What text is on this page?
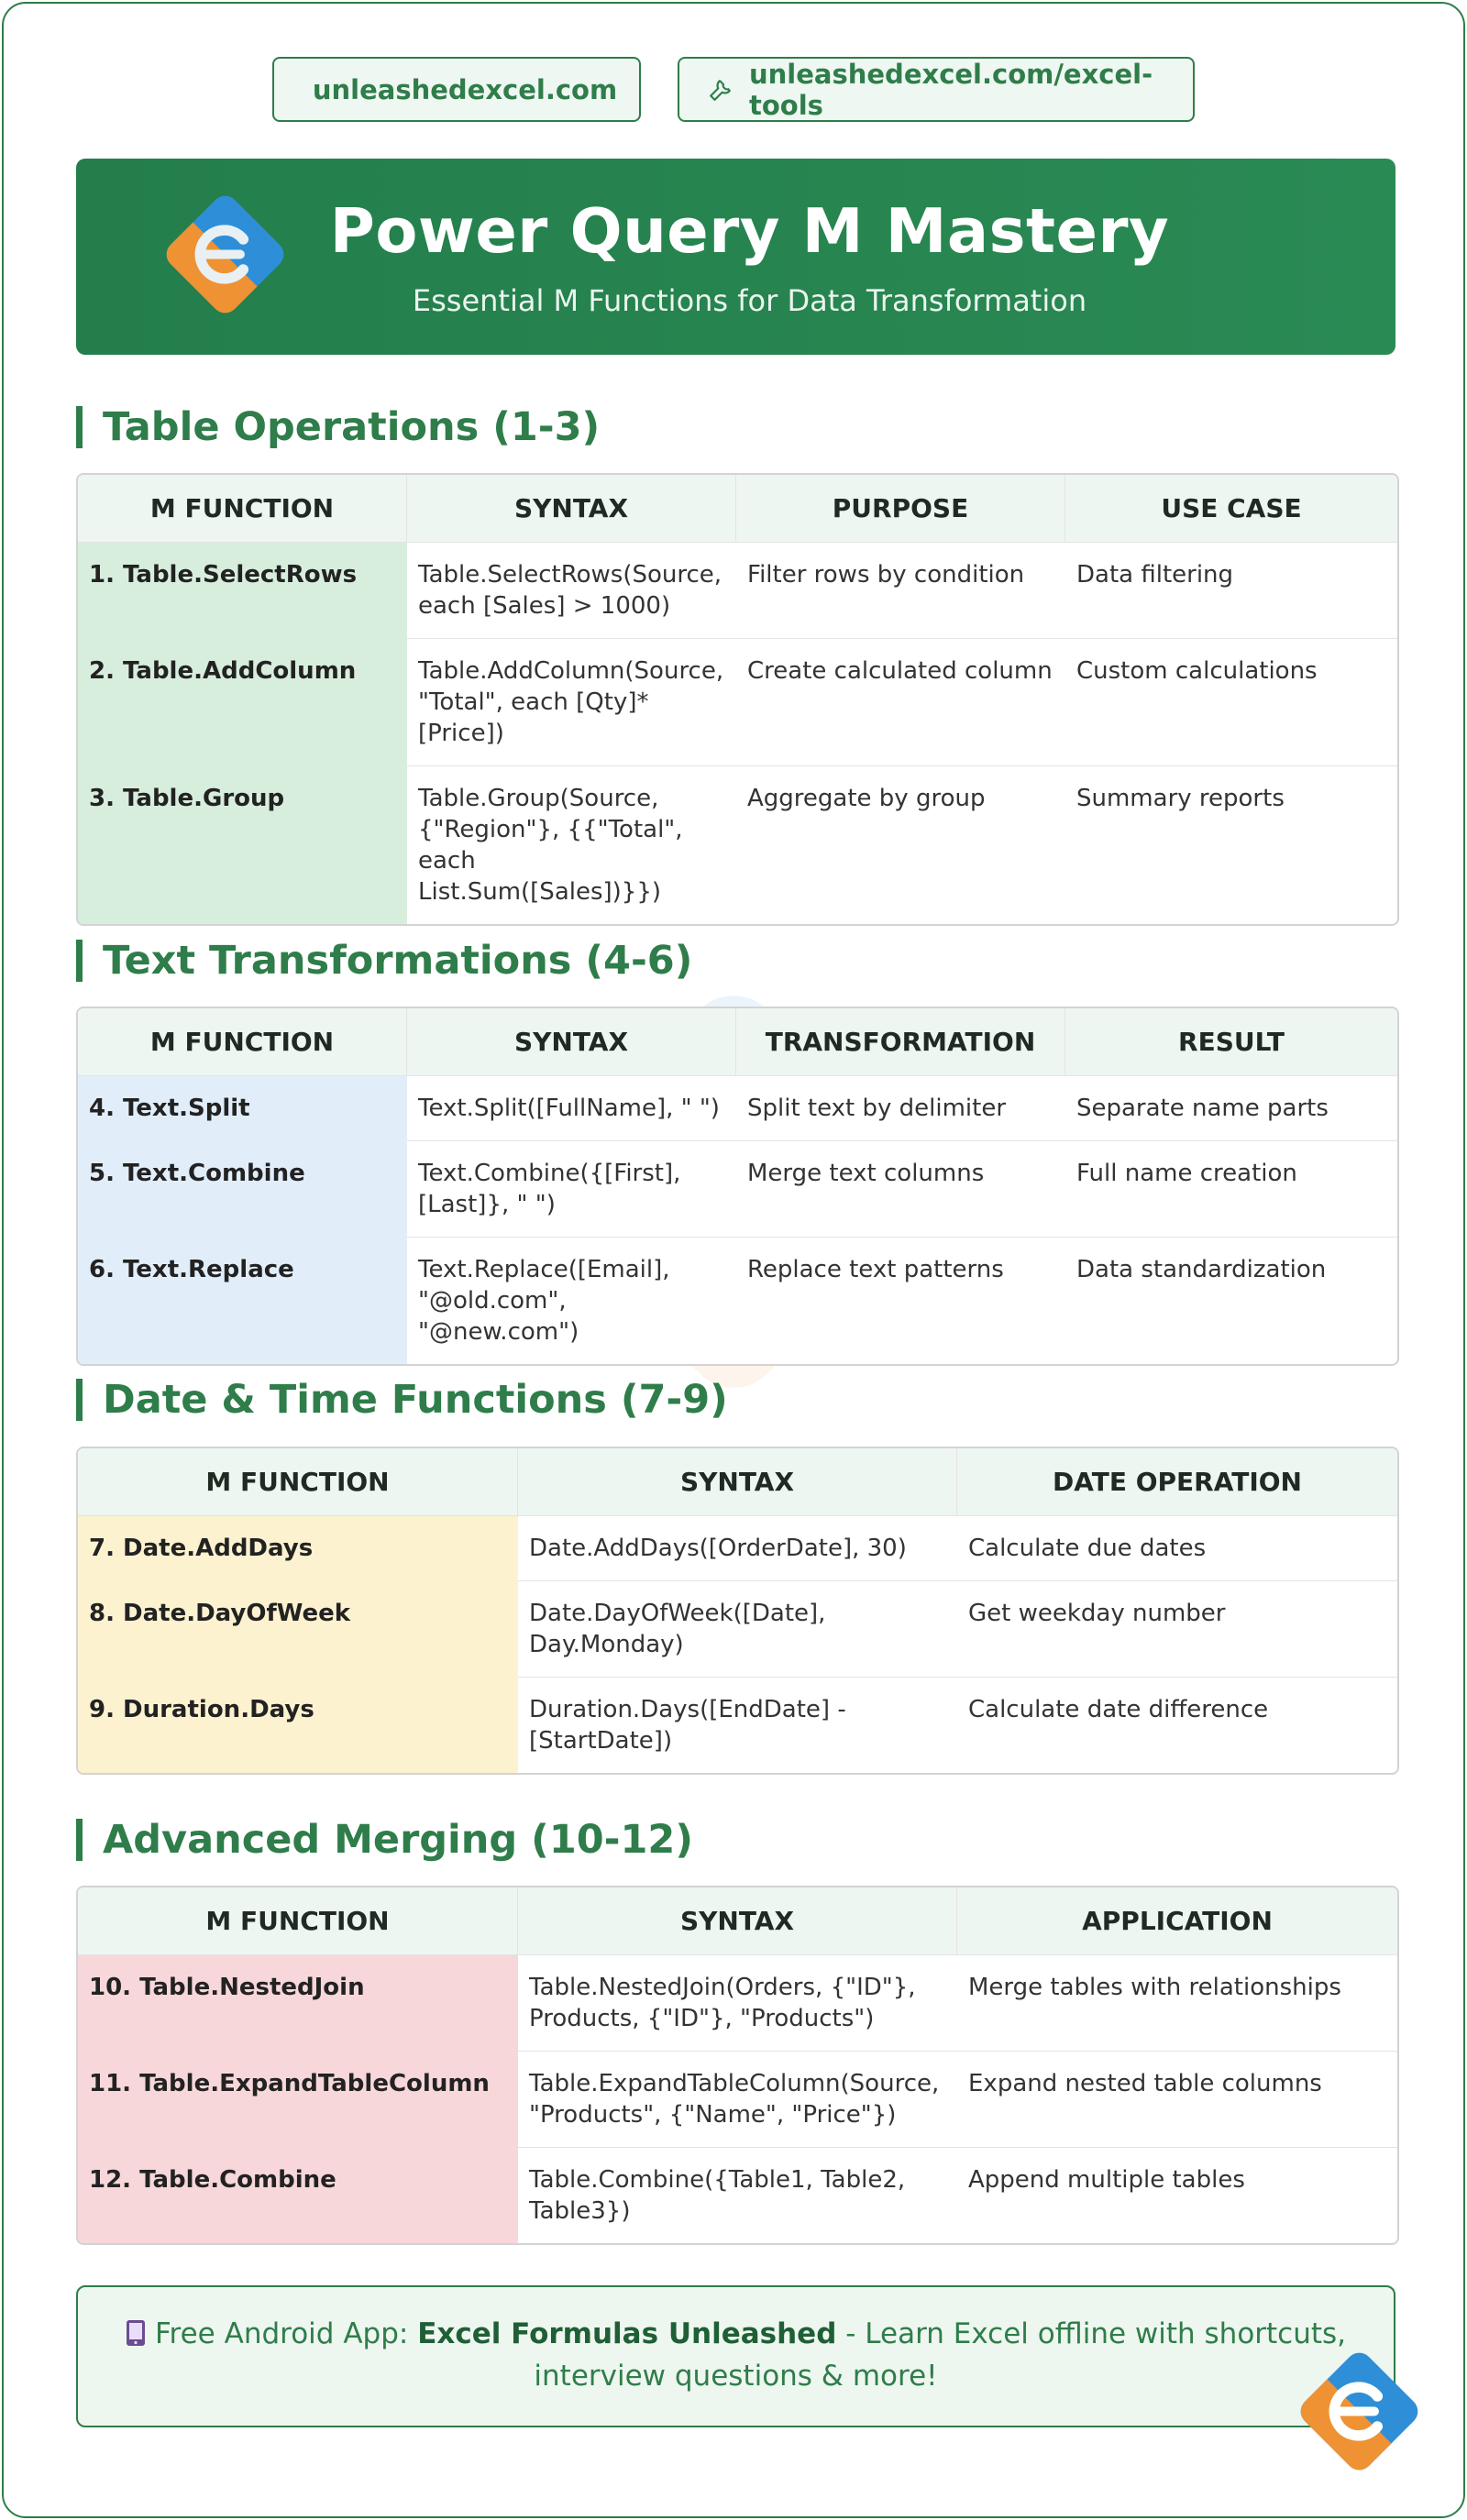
unleashedexcel.com	unleashedexcel.com/excel-tools
Power Query M Mastery
Essential M Functions for Data Transformation
Table Operations (1-3)
M FUNCTION	SYNTAX	PURPOSE	USE CASE
1. Table.SelectRows	Table.SelectRows(Source, each [Sales] > 1000)	Filter rows by condition	Data filtering
2. Table.AddColumn	Table.AddColumn(Source, "Total", each [Qty]*[Price])	Create calculated column	Custom calculations
3. Table.Group	Table.Group(Source, {"Region"}, {{"Total", each List.Sum([Sales])}})	Aggregate by group	Summary reports
Text Transformations (4-6)
M FUNCTION	SYNTAX	TRANSFORMATION	RESULT
4. Text.Split	Text.Split([FullName], " ")	Split text by delimiter	Separate name parts
5. Text.Combine	Text.Combine({[First], [Last]}, " ")	Merge text columns	Full name creation
6. Text.Replace	Text.Replace([Email], "@old.com", "@new.com")	Replace text patterns	Data standardization
Date & Time Functions (7-9)
M FUNCTION	SYNTAX	DATE OPERATION
7. Date.AddDays	Date.AddDays([OrderDate], 30)	Calculate due dates
8. Date.DayOfWeek	Date.DayOfWeek([Date], Day.Monday)	Get weekday number
9. Duration.Days	Duration.Days([EndDate] - [StartDate])	Calculate date difference
Advanced Merging (10-12)
M FUNCTION	SYNTAX	APPLICATION
10. Table.NestedJoin	Table.NestedJoin(Orders, {"ID"}, Products, {"ID"}, "Products")	Merge tables with relationships
11. Table.ExpandTableColumn	Table.ExpandTableColumn(Source, "Products", {"Name", "Price"})	Expand nested table columns
12. Table.Combine	Table.Combine({Table1, Table2, Table3})	Append multiple tables
Free Android App: Excel Formulas Unleashed - Learn Excel offline with shortcuts,
interview questions & more!
